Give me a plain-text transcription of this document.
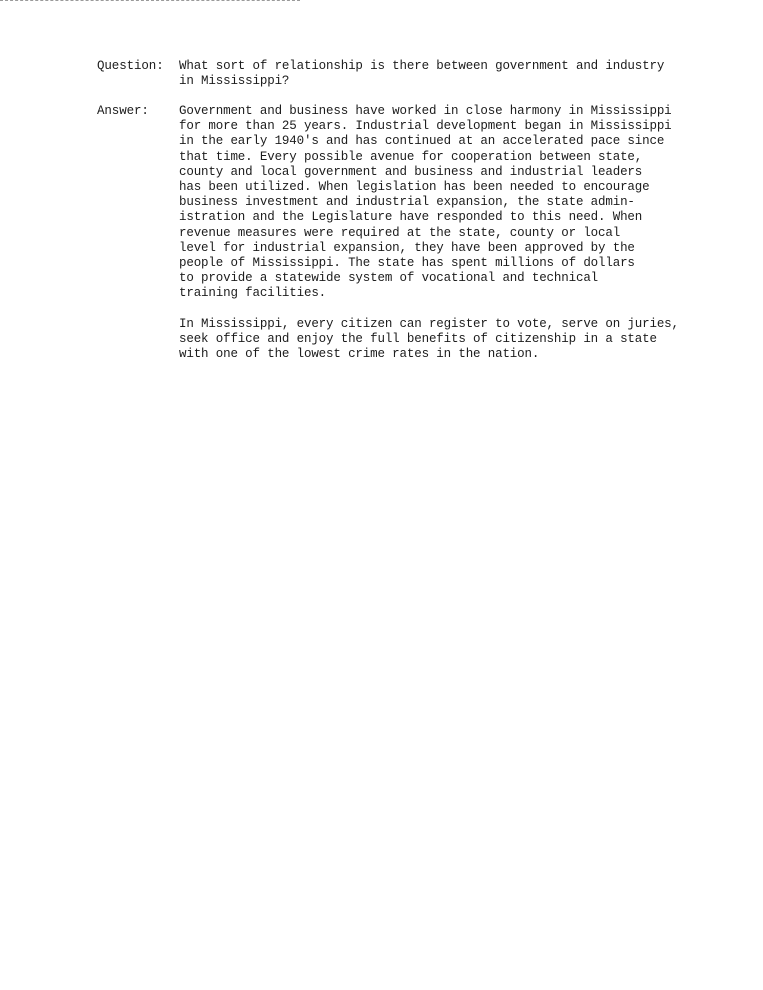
Question:	What sort of relationship is there between government and industry
in Mississippi?

Answer:	Government and business have worked in close harmony in Mississippi
for more than 25 years. Industrial development began in Mississippi
in the early 1940's and has continued at an accelerated pace since
that time. Every possible avenue for cooperation between state,
county and local government and business and industrial leaders
has been utilized. When legislation has been needed to encourage
business investment and industrial expansion, the state admin-
istration and the Legislature have responded to this need. When
revenue measures were required at the state, county or local
level for industrial expansion, they have been approved by the
people of Mississippi. The state has spent millions of dollars
to provide a statewide system of vocational and technical
training facilities.

In Mississippi, every citizen can register to vote, serve on juries,
seek office and enjoy the full benefits of citizenship in a state
with one of the lowest crime rates in the nation.
